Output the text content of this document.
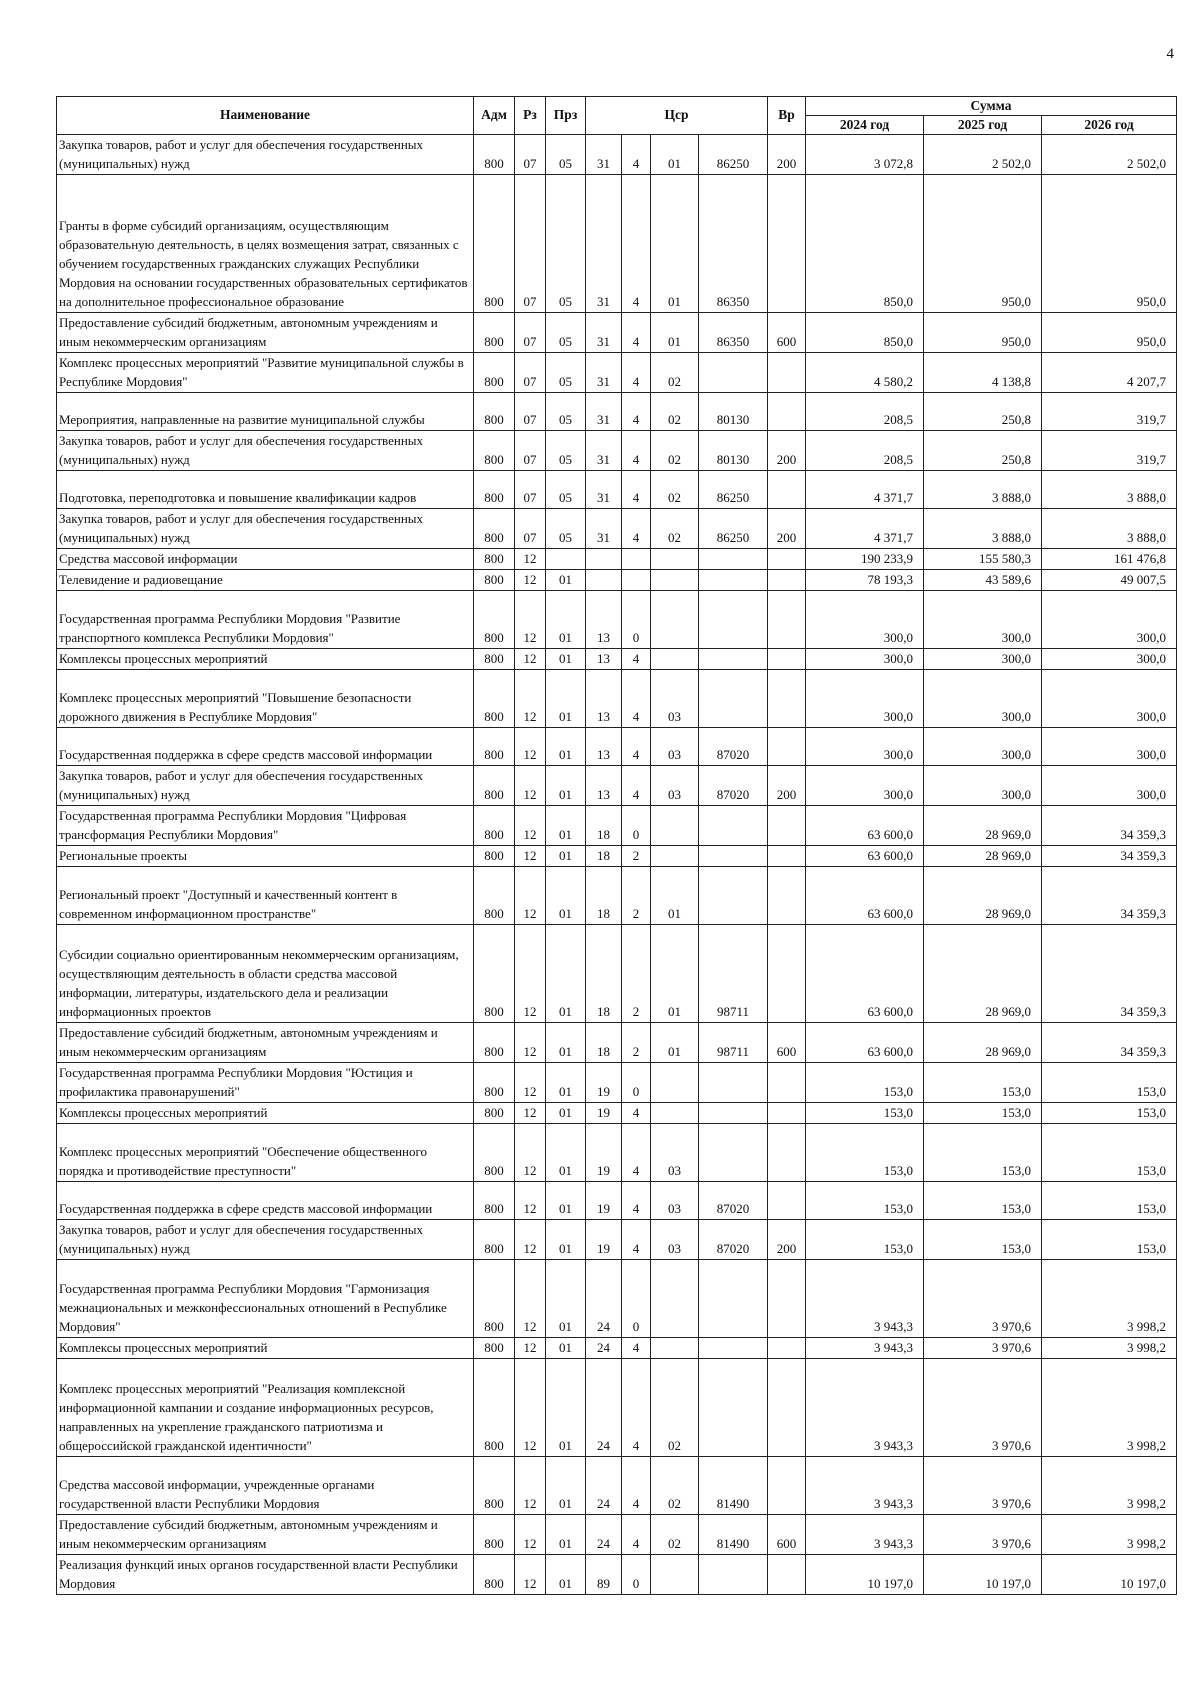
4
Наименование	Адм	Рз	Прз	Цср				Вр	Сумма		
									2024 год	2025 год	2026 год
Закупка товаров, работ и услуг для обеспечения государственных (муниципальных) нужд	800	07	05	31	4	01	86250	200	3 072,8	2 502,0	2 502,0
Гранты в форме субсидий организациям, осуществляющим образовательную деятельность, в целях возмещения затрат, связанных с обучением государственных гражданских служащих Республики Мордовия на основании государственных образовательных сертификатов на дополнительное профессиональное образование	800	07	05	31	4	01	86350		850,0	950,0	950,0
Предоставление субсидий бюджетным, автономным учреждениям и иным некоммерческим организациям	800	07	05	31	4	01	86350	600	850,0	950,0	950,0
Комплекс процессных мероприятий "Развитие муниципальной службы в Республике Мордовия"	800	07	05	31	4	02			4 580,2	4 138,8	4 207,7
Мероприятия, направленные на развитие муниципальной службы	800	07	05	31	4	02	80130		208,5	250,8	319,7
Закупка товаров, работ и услуг для обеспечения государственных (муниципальных) нужд	800	07	05	31	4	02	80130	200	208,5	250,8	319,7
Подготовка, переподготовка и повышение квалификации кадров	800	07	05	31	4	02	86250		4 371,7	3 888,0	3 888,0
Закупка товаров, работ и услуг для обеспечения государственных (муниципальных) нужд	800	07	05	31	4	02	86250	200	4 371,7	3 888,0	3 888,0
Средства массовой информации	800	12							190 233,9	155 580,3	161 476,8
Телевидение и радиовещание	800	12	01						78 193,3	43 589,6	49 007,5
Государственная программа Республики Мордовия "Развитие транспортного комплекса Республики Мордовия"	800	12	01	13	0				300,0	300,0	300,0
Комплексы процессных мероприятий	800	12	01	13	4				300,0	300,0	300,0
Комплекс процессных мероприятий "Повышение безопасности дорожного движения в Республике Мордовия"	800	12	01	13	4	03			300,0	300,0	300,0
Государственная поддержка в сфере средств массовой информации	800	12	01	13	4	03	87020		300,0	300,0	300,0
Закупка товаров, работ и услуг для обеспечения государственных (муниципальных) нужд	800	12	01	13	4	03	87020	200	300,0	300,0	300,0
Государственная программа Республики Мордовия "Цифровая трансформация Республики Мордовия"	800	12	01	18	0				63 600,0	28 969,0	34 359,3
Региональные проекты	800	12	01	18	2				63 600,0	28 969,0	34 359,3
Региональный проект "Доступный и качественный контент в современном информационном пространстве"	800	12	01	18	2	01			63 600,0	28 969,0	34 359,3
Субсидии социально ориентированным некоммерческим организациям, осуществляющим деятельность в области средства массовой информации, литературы, издательского дела и реализации информационных проектов	800	12	01	18	2	01	98711		63 600,0	28 969,0	34 359,3
Предоставление субсидий бюджетным, автономным учреждениям и иным некоммерческим организациям	800	12	01	18	2	01	98711	600	63 600,0	28 969,0	34 359,3
Государственная программа Республики Мордовия "Юстиция и профилактика правонарушений"	800	12	01	19	0				153,0	153,0	153,0
Комплексы процессных мероприятий	800	12	01	19	4				153,0	153,0	153,0
Комплекс процессных мероприятий "Обеспечение общественного порядка и противодействие преступности"	800	12	01	19	4	03			153,0	153,0	153,0
Государственная поддержка в сфере средств массовой информации	800	12	01	19	4	03	87020		153,0	153,0	153,0
Закупка товаров, работ и услуг для обеспечения государственных (муниципальных) нужд	800	12	01	19	4	03	87020	200	153,0	153,0	153,0
Государственная программа Республики Мордовия "Гармонизация межнациональных и межконфессиональных отношений в Республике Мордовия"	800	12	01	24	0				3 943,3	3 970,6	3 998,2
Комплексы процессных мероприятий	800	12	01	24	4				3 943,3	3 970,6	3 998,2
Комплекс процессных мероприятий "Реализация комплексной информационной кампании и создание информационных ресурсов, направленных на укрепление гражданского патриотизма и общероссийской гражданской идентичности"	800	12	01	24	4	02			3 943,3	3 970,6	3 998,2
Средства массовой информации, учрежденные органами государственной власти Республики Мордовия	800	12	01	24	4	02	81490		3 943,3	3 970,6	3 998,2
Предоставление субсидий бюджетным, автономным учреждениям и иным некоммерческим организациям	800	12	01	24	4	02	81490	600	3 943,3	3 970,6	3 998,2
Реализация функций иных органов государственной власти Республики Мордовия	800	12	01	89	0				10 197,0	10 197,0	10 197,0
